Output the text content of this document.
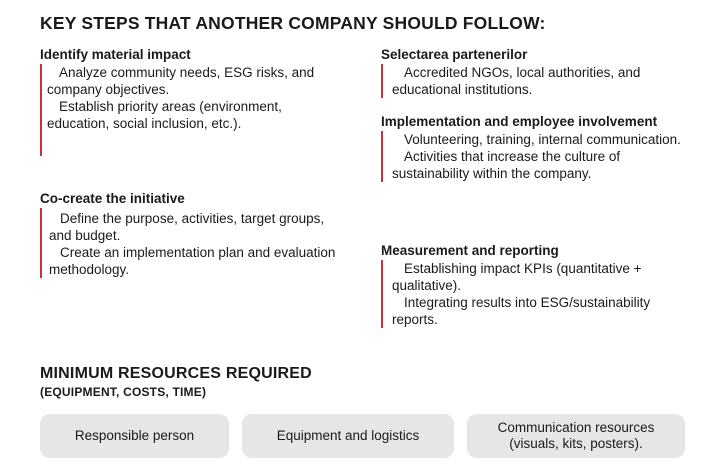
KEY STEPS THAT ANOTHER COMPANY SHOULD FOLLOW:
Identify material impact

Analyze community needs, ESG risks, and company objectives.

Establish priority areas (environment, education, social inclusion, etc.).

Co-create the initiative

Define the purpose, activities, target groups, and budget.

Create an implementation plan and evaluation methodology.

Selectarea partenerilor

Accredited NGOs, local authorities, and educational institutions.

Implementation and employee involvement

Volunteering, training, internal communication.

Activities that increase the culture of sustainability within the company.

Measurement and reporting

Establishing impact KPIs (quantitative + qualitative).

Integrating results into ESG/sustainability reports.

MINIMUM RESOURCES REQUIRED
(EQUIPMENT, COSTS, TIME)
Responsible person	Equipment and logistics
Communication resources (visuals, kits, posters).
